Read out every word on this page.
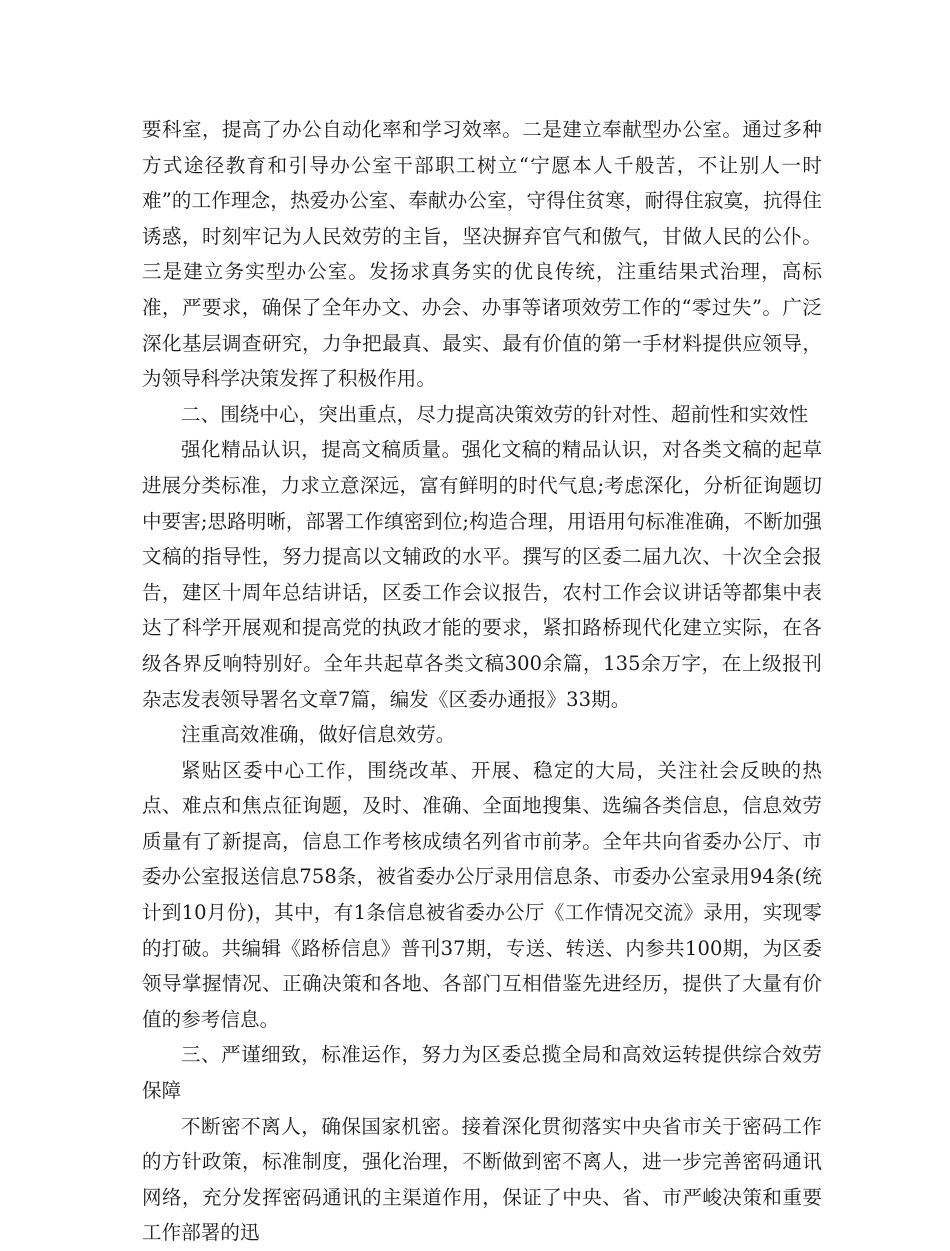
要科室，提高了办公自动化率和学习效率。二是建立奉献型办公室。通过多种方式途径教育和引导办公室干部职工树立“宁愿本人千般苦，不让别人一时难”的工作理念，热爱办公室、奉献办公室，守得住贫寒，耐得住寂寞，抗得住诱惑，时刻牢记为人民效劳的主旨，坚决摒弃官气和傲气，甘做人民的公仆。三是建立务实型办公室。发扬求真务实的优良传统，注重结果式治理，高标准，严要求，确保了全年办文、办会、办事等诸项效劳工作的“零过失”。广泛深化基层调查研究，力争把最真、最实、最有价值的第一手材料提供应领导，为领导科学决策发挥了积极作用。

二、围绕中心，突出重点，尽力提高决策效劳的针对性、超前性和实效性

强化精品认识，提高文稿质量。强化文稿的精品认识，对各类文稿的起草进展分类标准，力求立意深远，富有鲜明的时代气息;考虑深化，分析征询题切中要害;思路明晰，部署工作缜密到位;构造合理，用语用句标准准确，不断加强文稿的指导性，努力提高以文辅政的水平。撰写的区委二届九次、十次全会报告，建区十周年总结讲话，区委工作会议报告，农村工作会议讲话等都集中表达了科学开展观和提高党的执政才能的要求，紧扣路桥现代化建立实际，在各级各界反响特别好。全年共起草各类文稿300余篇，135余万字，在上级报刊杂志发表领导署名文章7篇，编发《区委办通报》33期。

注重高效准确，做好信息效劳。

紧贴区委中心工作，围绕改革、开展、稳定的大局，关注社会反映的热点、难点和焦点征询题，及时、准确、全面地搜集、选编各类信息，信息效劳质量有了新提高，信息工作考核成绩名列省市前茅。全年共向省委办公厅、市委办公室报送信息758条，被省委办公厅录用信息条、市委办公室录用94条(统计到10月份)，其中，有1条信息被省委办公厅《工作情况交流》录用，实现零的打破。共编辑《路桥信息》普刊37期，专送、转送、内参共100期，为区委领导掌握情况、正确决策和各地、各部门互相借鉴先进经历，提供了大量有价值的参考信息。

三、严谨细致，标准运作，努力为区委总揽全局和高效运转提供综合效劳保障

不断密不离人，确保国家机密。接着深化贯彻落实中央省市关于密码工作的方针政策，标准制度，强化治理，不断做到密不离人，进一步完善密码通讯网络，充分发挥密码通讯的主渠道作用，保证了中央、省、市严峻决策和重要工作部署的迅
